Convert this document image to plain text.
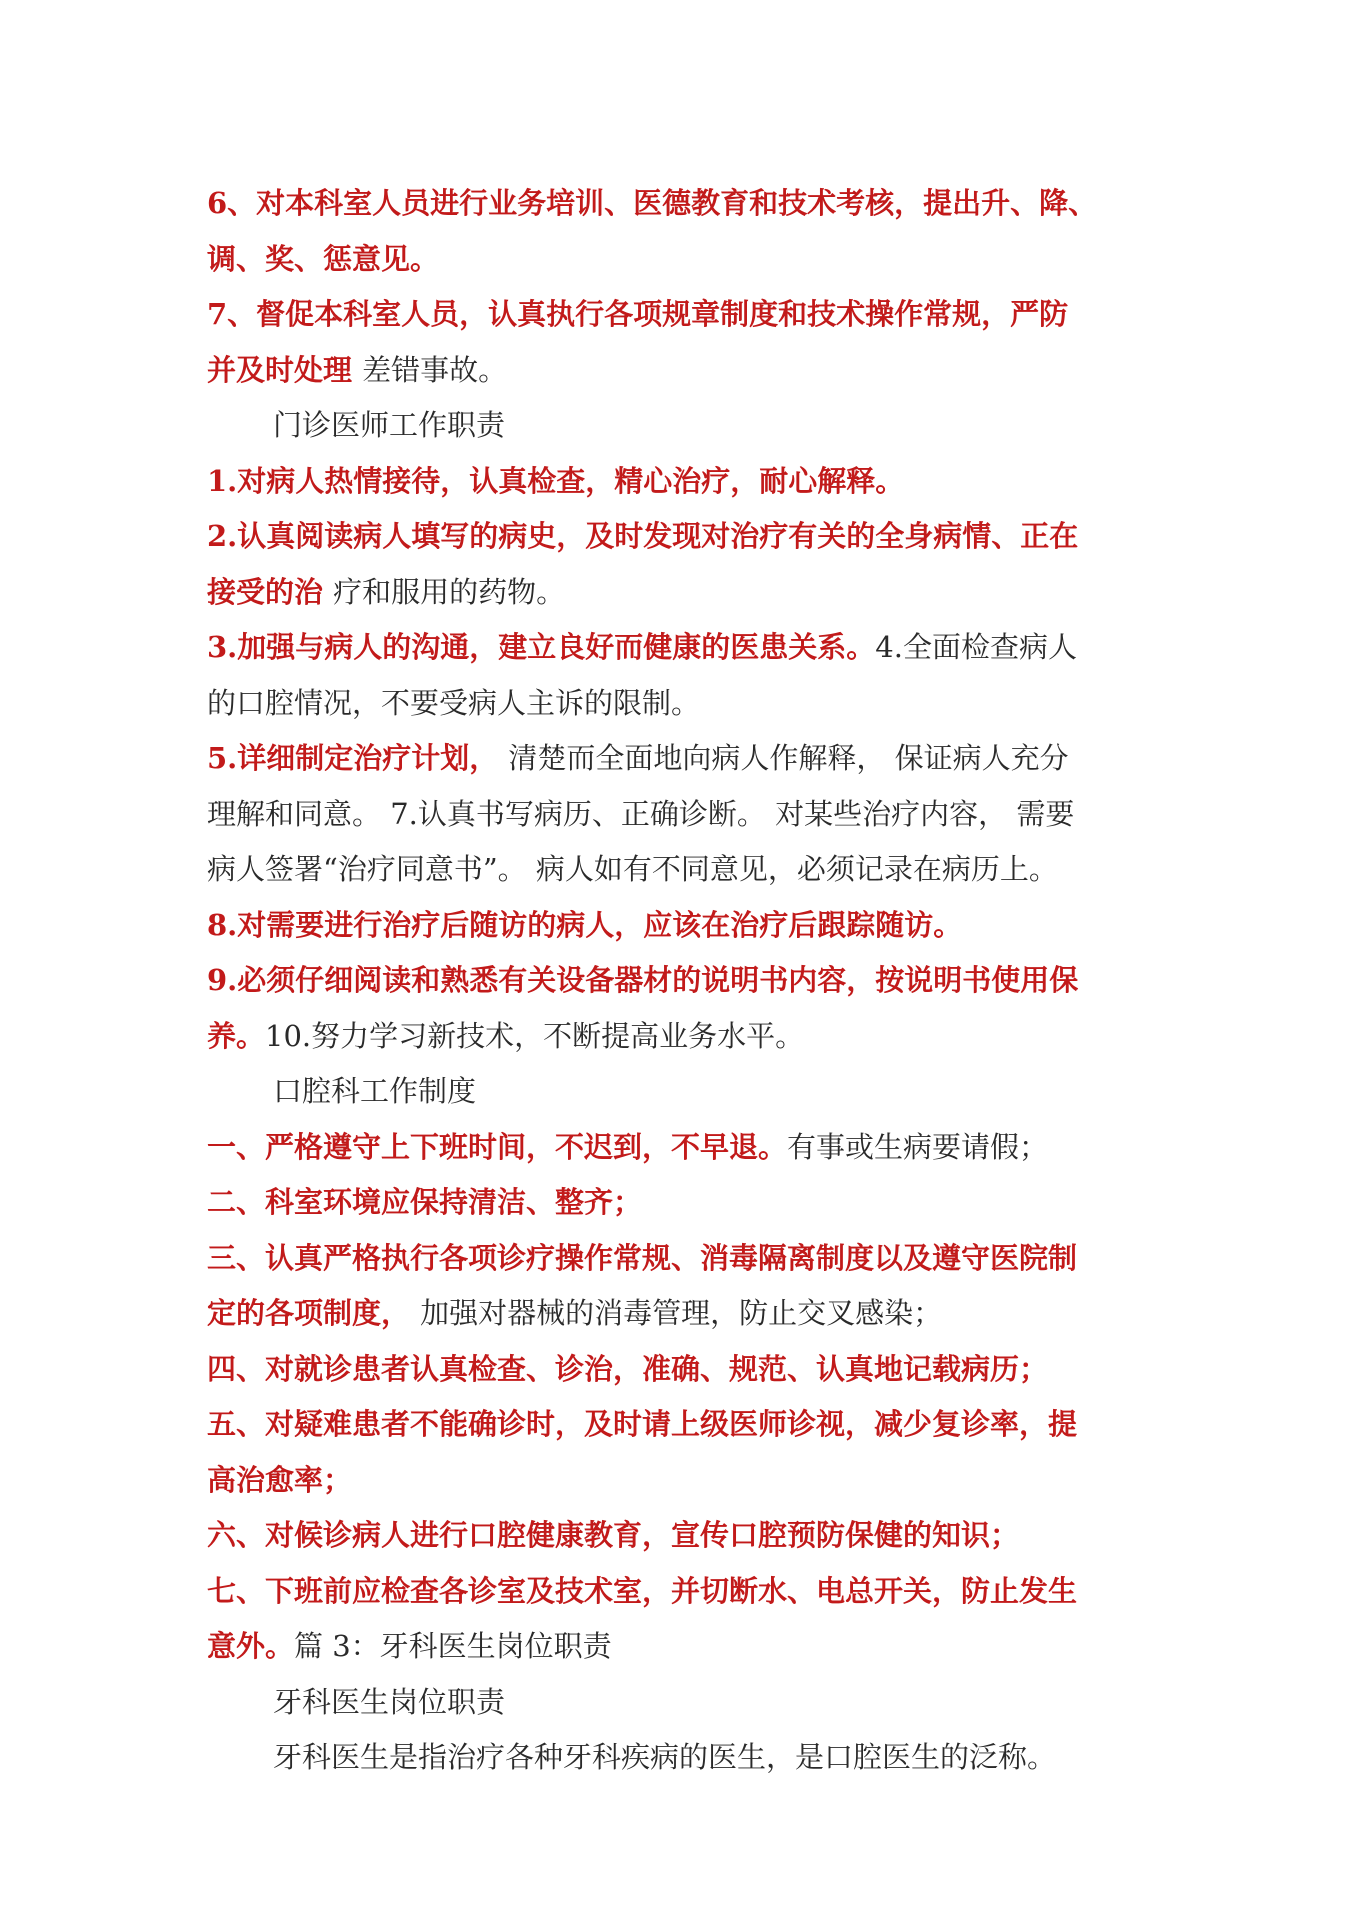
6、对本科室人员进行业务培训、医德教育和技术考核，提出升、降、
调、奖、惩意见。
7、督促本科室人员，认真执行各项规章制度和技术操作常规，严防
并及时处理 差错事故。
门诊医师工作职责
1.对病人热情接待，认真检查，精心治疗，耐心解释。
2.认真阅读病人填写的病史，及时发现对治疗有关的全身病情、正在
接受的治 疗和服用的药物。
3.加强与病人的沟通，建立良好而健康的医患关系。4.全面检查病人
的口腔情况，不要受病人主诉的限制。
5.详细制定治疗计划， 清楚而全面地向病人作解释， 保证病人充分
理解和同意。 7.认真书写病历、正确诊断。 对某些治疗内容， 需要
病人签署“治疗同意书”。 病人如有不同意见，必须记录在病历上。
8.对需要进行治疗后随访的病人，应该在治疗后跟踪随访。
9.必须仔细阅读和熟悉有关设备器材的说明书内容，按说明书使用保
养。10.努力学习新技术，不断提高业务水平。
口腔科工作制度
一、严格遵守上下班时间，不迟到，不早退。有事或生病要请假；
二、科室环境应保持清洁、整齐；
三、认真严格执行各项诊疗操作常规、消毒隔离制度以及遵守医院制
定的各项制度， 加强对器械的消毒管理，防止交叉感染；
四、对就诊患者认真检查、诊治，准确、规范、认真地记载病历；
五、对疑难患者不能确诊时，及时请上级医师诊视，减少复诊率，提
高治愈率；
六、对候诊病人进行口腔健康教育，宣传口腔预防保健的知识；
七、下班前应检查各诊室及技术室，并切断水、电总开关，防止发生
意外。篇 3：牙科医生岗位职责
牙科医生岗位职责
牙科医生是指治疗各种牙科疾病的医生，是口腔医生的泛称。
